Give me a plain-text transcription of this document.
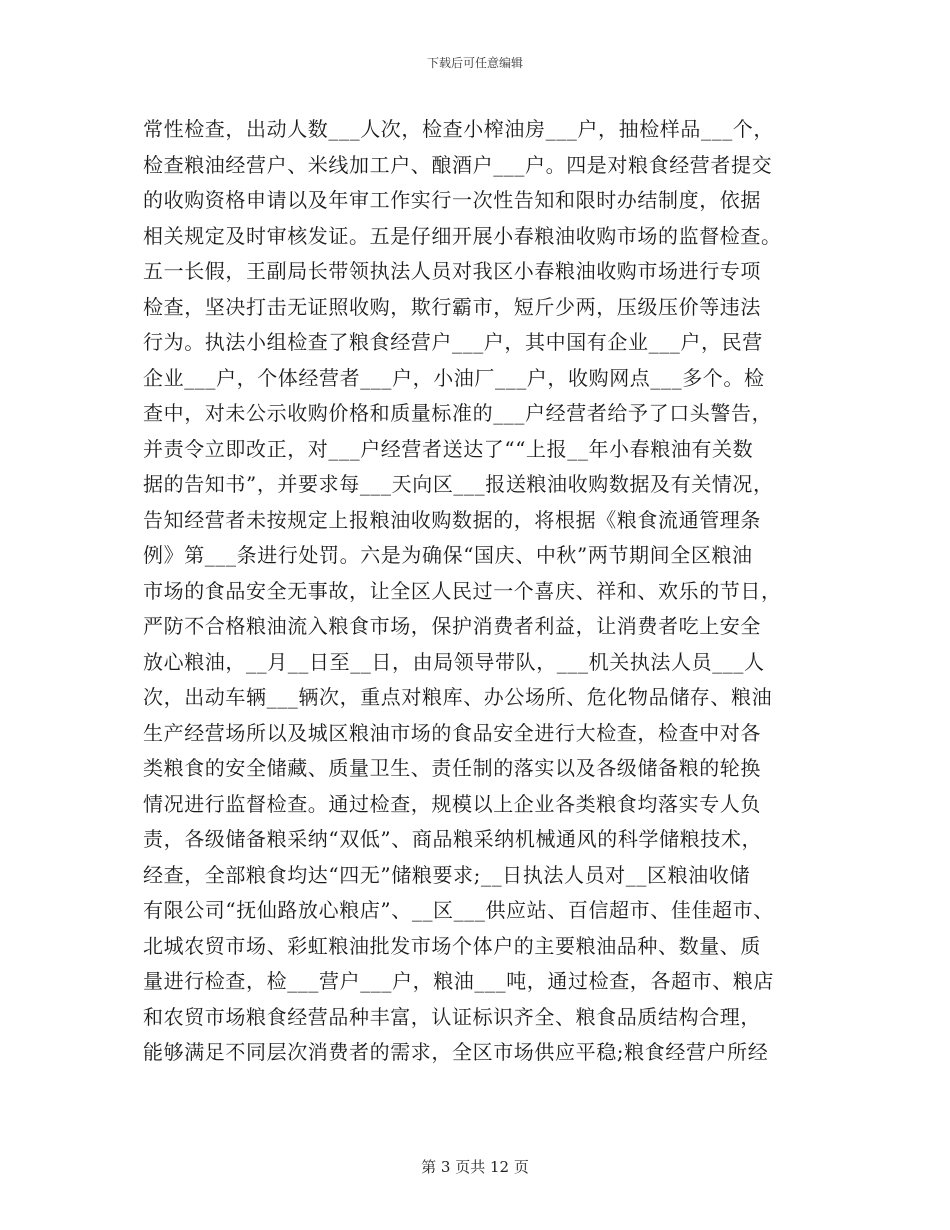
下载后可任意编辑
常性检查，出动人数___人次，检查小榨油房___户，抽检样品___个，
检查粮油经营户、米线加工户、酿酒户___户。四是对粮食经营者提交
的收购资格申请以及年审工作实行一次性告知和限时办结制度，依据
相关规定及时审核发证。五是仔细开展小春粮油收购市场的监督检查。
五一长假，王副局长带领执法人员对我区小春粮油收购市场进行专项
检查，坚决打击无证照收购，欺行霸市，短斤少两，压级压价等违法
行为。执法小组检查了粮食经营户___户，其中国有企业___户，民营
企业___户，个体经营者___户，小油厂___户，收购网点___多个。检
查中，对未公示收购价格和质量标准的___户经营者给予了口头警告，
并责令立即改正，对___户经营者送达了““上报__年小春粮油有关数
据的告知书”，并要求每___天向区___报送粮油收购数据及有关情况，
告知经营者未按规定上报粮油收购数据的，将根据《粮食流通管理条
例》第___条进行处罚。六是为确保“国庆、中秋”两节期间全区粮油
市场的食品安全无事故，让全区人民过一个喜庆、祥和、欢乐的节日，
严防不合格粮油流入粮食市场，保护消费者利益，让消费者吃上安全
放心粮油，__月__日至__日，由局领导带队，___机关执法人员___人
次，出动车辆___辆次，重点对粮库、办公场所、危化物品储存、粮油
生产经营场所以及城区粮油市场的食品安全进行大检查，检查中对各
类粮食的安全储藏、质量卫生、责任制的落实以及各级储备粮的轮换
情况进行监督检查。通过检查，规模以上企业各类粮食均落实专人负
责，各级储备粮采纳“双低”、商品粮采纳机械通风的科学储粮技术，
经查，全部粮食均达“四无”储粮要求;__日执法人员对__区粮油收储
有限公司“抚仙路放心粮店”、__区___供应站、百信超市、佳佳超市、
北城农贸市场、彩虹粮油批发市场个体户的主要粮油品种、数量、质
量进行检查，检___营户___户，粮油___吨，通过检查，各超市、粮店
和农贸市场粮食经营品种丰富，认证标识齐全、粮食品质结构合理，
能够满足不同层次消费者的需求，全区市场供应平稳;粮食经营户所经
第 3 页共 12 页
